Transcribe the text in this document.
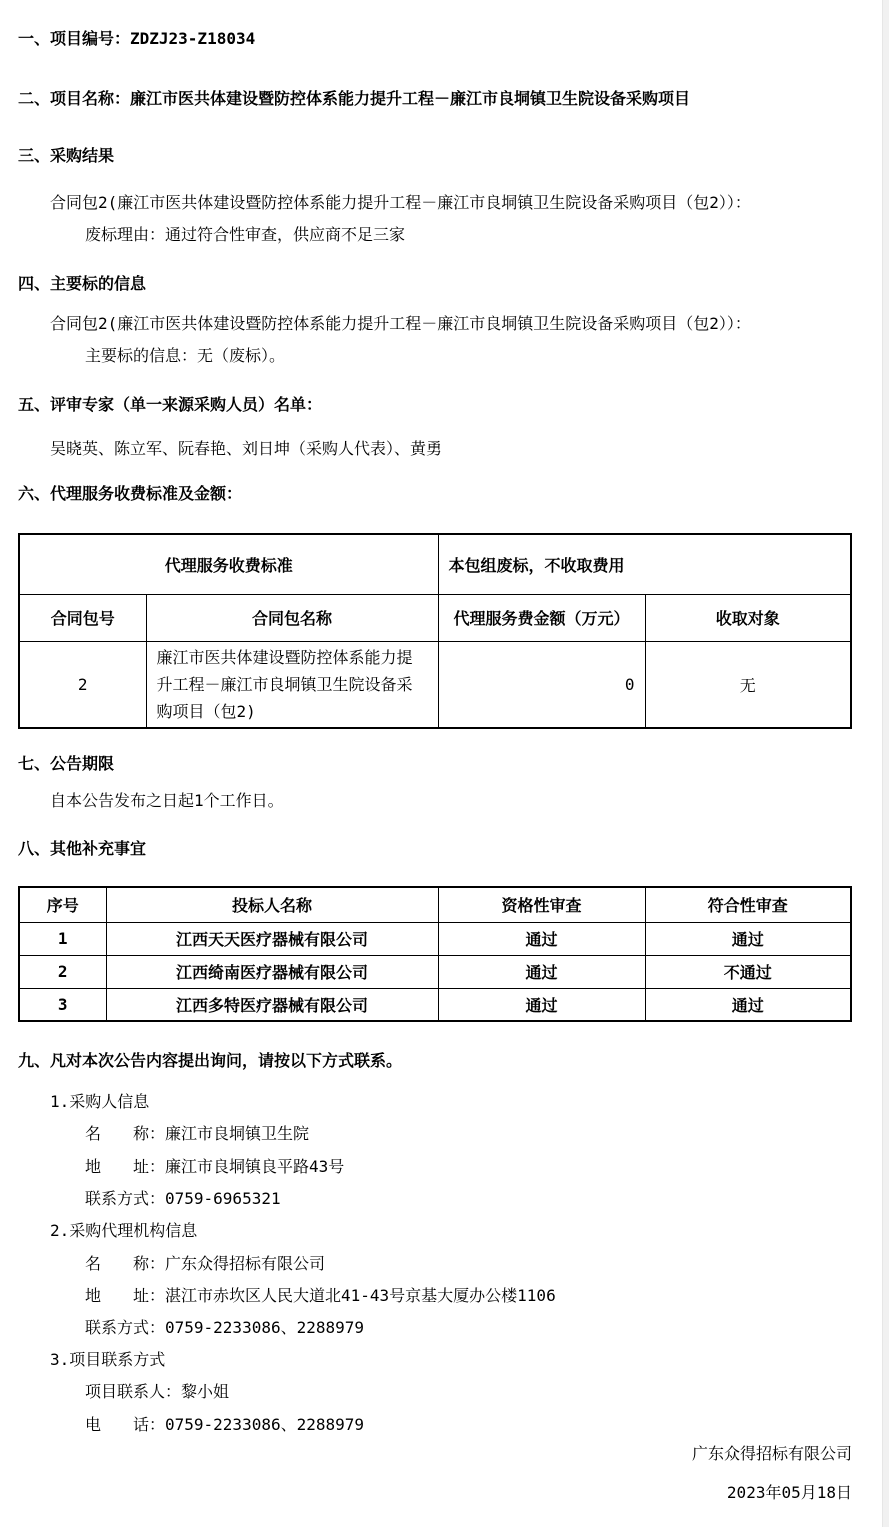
一、项目编号：ZDZJ23-Z18034
二、项目名称：廉江市医共体建设暨防控体系能力提升工程－廉江市良垌镇卫生院设备采购项目
三、采购结果
合同包2(廉江市医共体建设暨防控体系能力提升工程－廉江市良垌镇卫生院设备采购项目（包2））：
废标理由：通过符合性审查，供应商不足三家
四、主要标的信息
合同包2(廉江市医共体建设暨防控体系能力提升工程－廉江市良垌镇卫生院设备采购项目（包2））：
主要标的信息：无（废标）。
五、评审专家（单一来源采购人员）名单：
吴晓英、陈立军、阮春艳、刘日坤（采购人代表）、黄勇
六、代理服务收费标准及金额：
代理服务收费标准		本包组废标，不收取费用	
合同包号	合同包名称	代理服务费金额（万元）	收取对象
2	廉江市医共体建设暨防控体系能力提升工程－廉江市良垌镇卫生院设备采购项目（包2)	0	无
七、公告期限
自本公告发布之日起1个工作日。
八、其他补充事宜
序号	投标人名称	资格性审查	符合性审查
1	江西天天医疗器械有限公司	通过	通过
2	江西绮南医疗器械有限公司	通过	不通过
3	江西多特医疗器械有限公司	通过	通过
九、凡对本次公告内容提出询问，请按以下方式联系。
1.采购人信息
名　　称：廉江市良垌镇卫生院
地　　址：廉江市良垌镇良平路43号
联系方式：0759-6965321
2.采购代理机构信息
名　　称：广东众得招标有限公司
地　　址：湛江市赤坎区人民大道北41-43号京基大厦办公楼1106
联系方式：0759-2233086、2288979
3.项目联系方式
项目联系人：黎小姐
电　　话：0759-2233086、2288979
广东众得招标有限公司
2023年05月18日
